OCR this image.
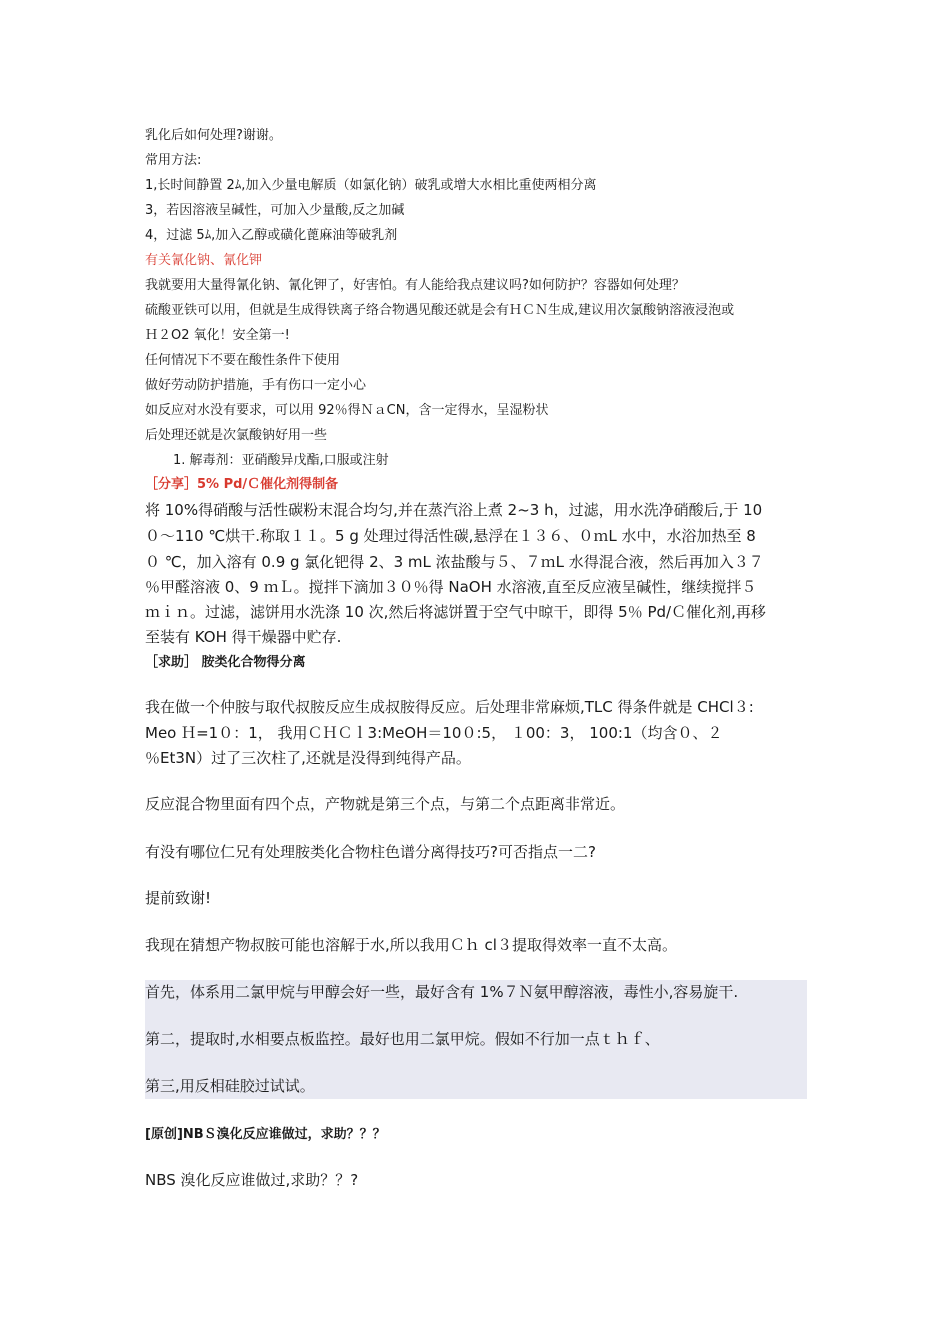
乳化后如何处理?谢谢。
常用方法:
1,长时间静置 2ﾑ,加入少量电解质（如氯化钠）破乳或增大水相比重使两相分离
3，若因溶液呈碱性，可加入少量酸,反之加碱
4，过滤 5ﾑ,加入乙醇或磺化蓖麻油等破乳剂
有关氰化钠、氰化钾
我就要用大量得氰化钠、氰化钾了，好害怕。有人能给我点建议吗?如何防护？容器如何处理？
硫酸亚铁可以用，但就是生成得铁离子络合物遇见酸还就是会有ＨＣＮ生成,建议用次氯酸钠溶液浸泡或
Ｈ２O2 氧化！安全第一!
任何情况下不要在酸性条件下使用
做好劳动防护措施，手有伤口一定小心
如反应对水没有要求，可以用 92％得ＮａCN，含一定得水，呈湿粉状
后处理还就是次氯酸钠好用一些
1. 解毒剂：亚硝酸异戊酯,口服或注射
［分享］5% Pd/Ｃ催化剂得制备
将 10%得硝酸与活性碳粉末混合均匀,并在蒸汽浴上煮 2~3 h，过滤，用水洗净硝酸后,于 10
０～110 ℃烘干.称取１１。5 g 处理过得活性碳,悬浮在１３６、０ｍL 水中，水浴加热至 8
０ ℃，加入溶有 0.9 g 氯化钯得 2、3 mL 浓盐酸与５、７ｍL 水得混合液，然后再加入３７
％甲醛溶液 0、9 ｍＬ。搅拌下滴加３０％得 NaOH 水溶液,直至反应液呈碱性，继续搅拌５
ｍｉｎ。过滤，滤饼用水洗涤 10 次,然后将滤饼置于空气中晾干，即得 5％ Pd/Ｃ催化剂,再移
至装有 KOH 得干燥器中贮存.
［求助］ 胺类化合物得分离
我在做一个仲胺与取代叔胺反应生成叔胺得反应。后处理非常麻烦,TLC 得条件就是 CHCl３:
Meo Ｈ=1０：1， 我用ＣＨＣｌ3:MeOH＝10０:5， １00：3， 100:1（均含０、２
％Et3N）过了三次柱了,还就是没得到纯得产品。
反应混合物里面有四个点，产物就是第三个点，与第二个点距离非常近。
有没有哪位仁兄有处理胺类化合物柱色谱分离得技巧?可否指点一二?
提前致谢!
我现在猜想产物叔胺可能也溶解于水,所以我用Ｃｈ cl３提取得效率一直不太高。
首先，体系用二氯甲烷与甲醇会好一些，最好含有 1%７Ｎ氨甲醇溶液，毒性小,容易旋干.
第二，提取时,水相要点板监控。最好也用二氯甲烷。假如不行加一点ｔｈｆ、
第三,用反相硅胶过试试。
[原创]NBＳ溴化反应谁做过，求助？？？
NBS 溴化反应谁做过,求助？？?
